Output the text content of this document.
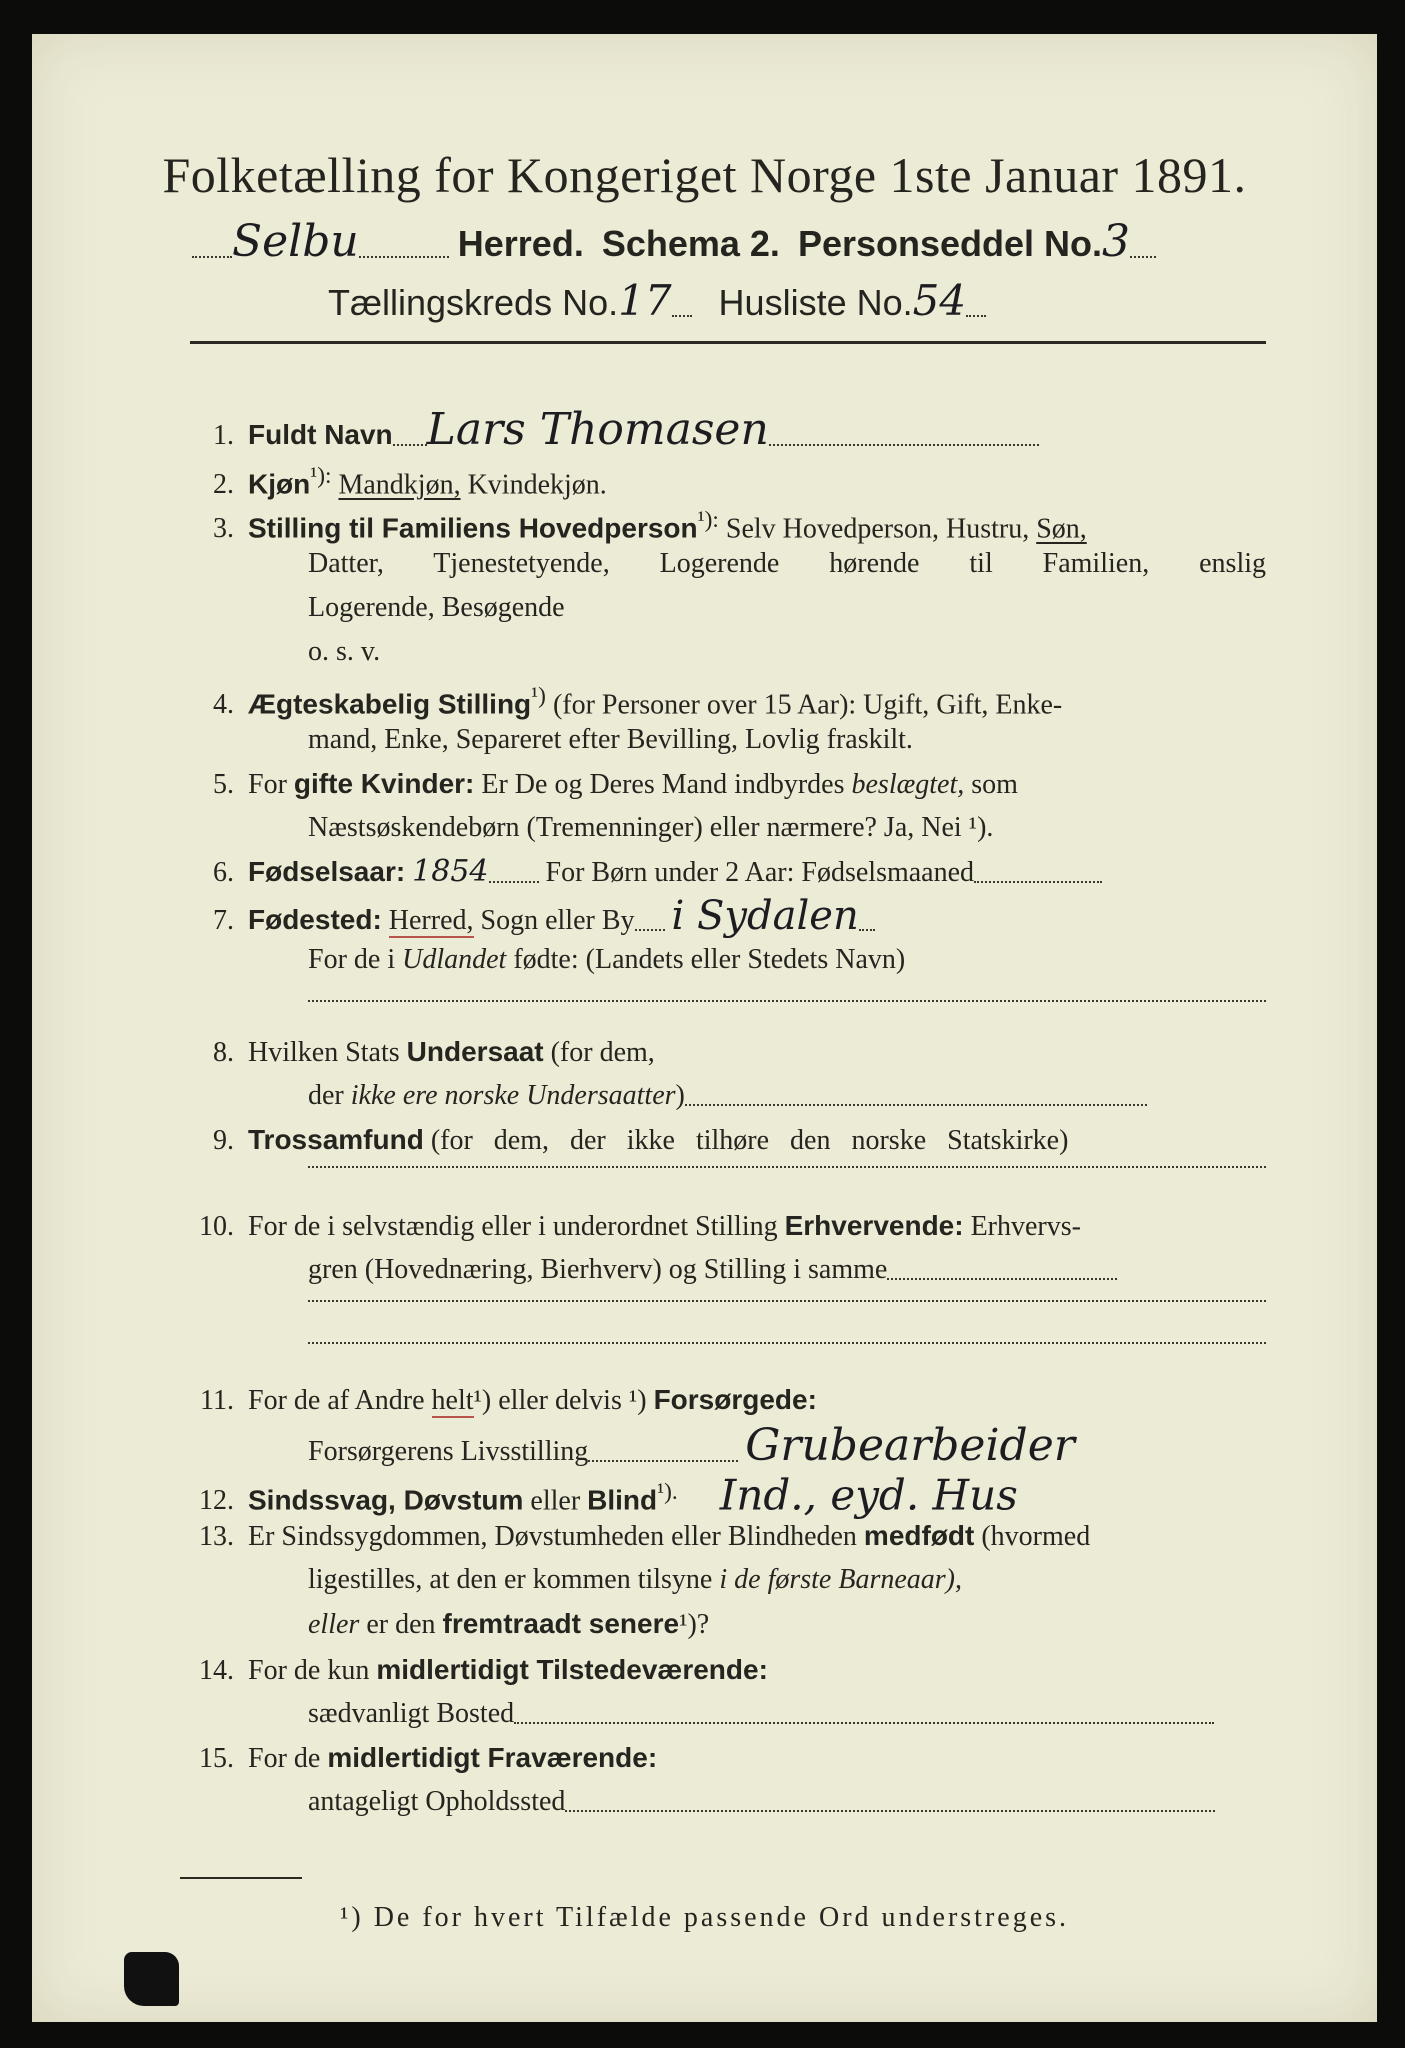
Folketælling for Kongeriget Norge 1ste Januar 1891.
Selbu	Herred. Schema 2. Personseddel No.3
Tællingskreds No.17 Husliste No.54
1. Fuldt Navn Lars Thomasen
2. Kjøn$^{^1):}$ Mandkjøn, Kvindekjøn.
3. Stilling til Familiens Hovedperson$^{^1):}$ Selv Hovedperson, Hustru, Søn,
Datter, Tjenestetyende, Logerende hørende til Familien, enslig
Logerende, Besøgende
o. s. v.
4. Ægteskabelig Stilling$^{^1)}$ (for Personer over 15 Aar): Ugift, Gift, Enke-
mand, Enke, Separeret efter Bevilling, Lovlig fraskilt.
5. For gifte Kvinder: Er De og Deres Mand indbyrdes beslægtet, som
Næstsøskendebørn (Tremenninger) eller nærmere? Ja, Nei ¹).
6. Fødselsaar: 1854 For Børn under 2 Aar: Fødselsmaaned
7. Fødested: Herred, Sogn eller By i Sydalen
For de i Udlandet fødte: (Landets eller Stedets Navn)
8. Hvilken Stats Undersaat (for dem,
der ikke ere norske Undersaatter)
9. Trossamfund (for dem, der ikke tilhøre den norske Statskirke)
10. For de i selvstændig eller i underordnet Stilling Erhvervende: Erhvervs-
gren (Hovednæring, Bierhverv) og Stilling i samme
11. For de af Andre helt¹) eller delvis ¹) Forsørgede:
Forsørgerens Livsstilling	Grubearbeider
12. Sindssvag, Døvstum eller Blind$^{^1).}$ Ind., eyd. Hus
13. Er Sindssygdommen, Døvstumheden eller Blindheden medfødt (hvormed
ligestilles, at den er kommen tilsyne i de første Barneaar),
eller er den fremtraadt senere¹)?
14. For de kun midlertidigt Tilstedeværende:
sædvanligt Bosted
15. For de midlertidigt Fraværende:
antageligt Opholdssted
¹) De for hvert Tilfælde passende Ord understreges.
